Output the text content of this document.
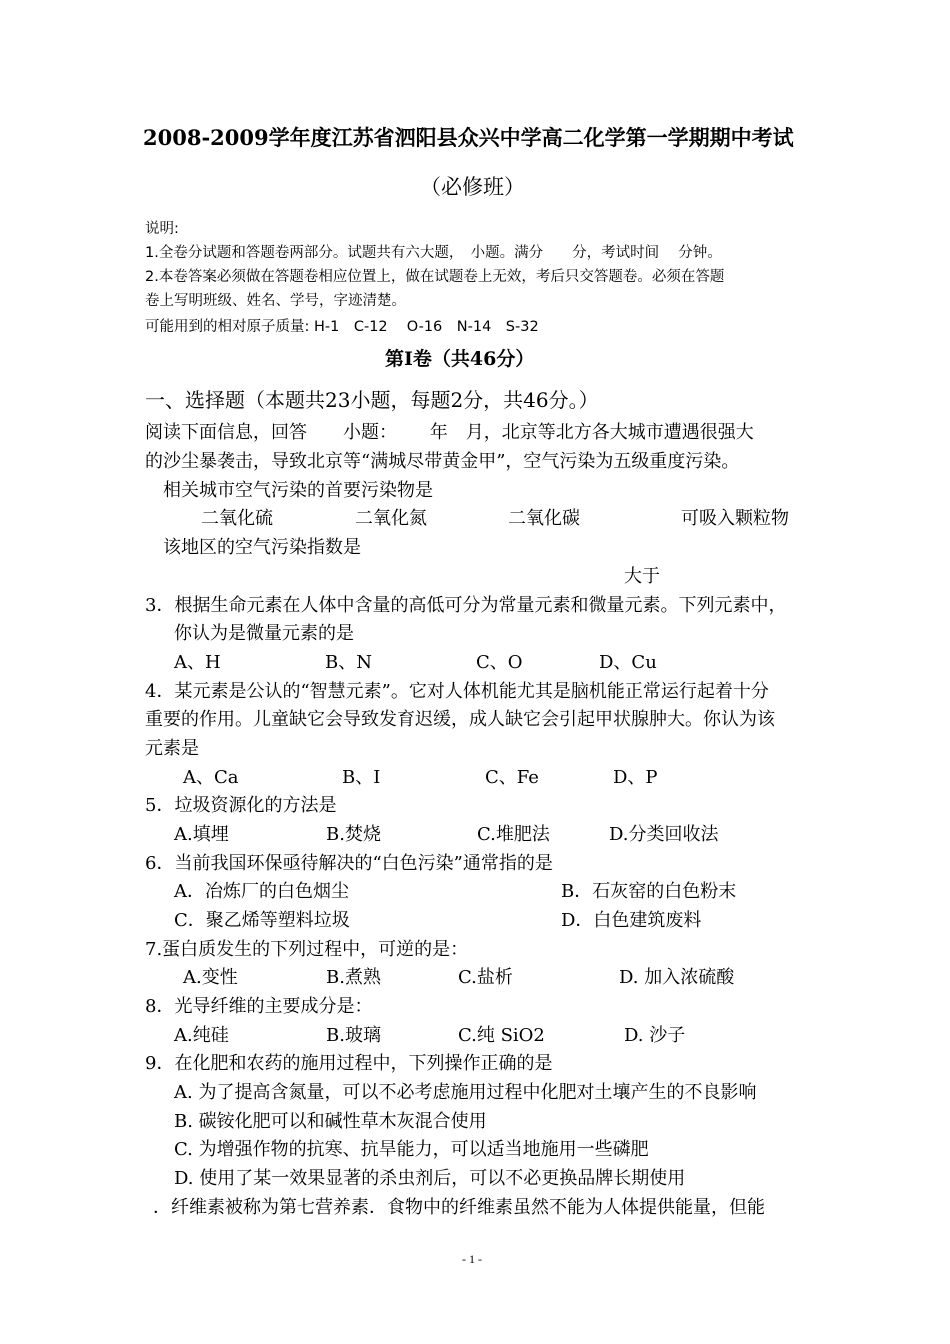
2008-2009学年度江苏省泗阳县众兴中学高二化学第一学期期中考试
（必修班）
说明:
1.全卷分试题和答题卷两部分。试题共有六大题，　小题。满分　　分，考试时间　 分钟。
2.本卷答案必须做在答题卷相应位置上，做在试题卷上无效，考后只交答题卷。必须在答题
卷上写明班级、姓名、学号，字迹清楚。
可能用到的相对原子质量: H-1　C-12　 O-16　N-14　S-32
第Ⅰ卷（共46分）
一、选择题（本题共23小题，每题2分，共46分。）
阅读下面信息，回答　　小题：　　 年　月，北京等北方各大城市遭遇很强大
的沙尘暴袭击，导致北京等“满城尽带黄金甲”，空气污染为五级重度污染。
相关城市空气污染的首要污染物是
二氧化硫	二氧化氮	二氧化碳	可吸入颗粒物
该地区的空气污染指数是
大于
3．根据生命元素在人体中含量的高低可分为常量元素和微量元素。下列元素中，
你认为是微量元素的是
A、H	B、N	C、O	D、Cu
4．某元素是公认的“智慧元素”。它对人体机能尤其是脑机能正常运行起着十分
重要的作用。儿童缺它会导致发育迟缓，成人缺它会引起甲状腺肿大。你认为该
元素是
A、Ca	B、I	C、Fe	D、P
5．垃圾资源化的方法是
A.填埋	B.焚烧	C.堆肥法	D.分类回收法
6．当前我国环保亟待解决的“白色污染”通常指的是
A．冶炼厂的白色烟尘	B．石灰窑的白色粉末
C．聚乙烯等塑料垃圾	D．白色建筑废料
7.蛋白质发生的下列过程中，可逆的是：
A.变性	B.煮熟	C.盐析	D. 加入浓硫酸
8．光导纤维的主要成分是：
A.纯硅	B.玻璃	C.纯 SiO2	D. 沙子
9．在化肥和农药的施用过程中，下列操作正确的是
A. 为了提高含氮量，可以不必考虑施用过程中化肥对土壤产生的不良影响
B. 碳铵化肥可以和碱性草木灰混合使用
C. 为增强作物的抗寒、抗旱能力，可以适当地施用一些磷肥
D. 使用了某一效果显著的杀虫剂后，可以不必更换品牌长期使用
．纤维素被称为第七营养素．食物中的纤维素虽然不能为人体提供能量，但能
- 1 -
